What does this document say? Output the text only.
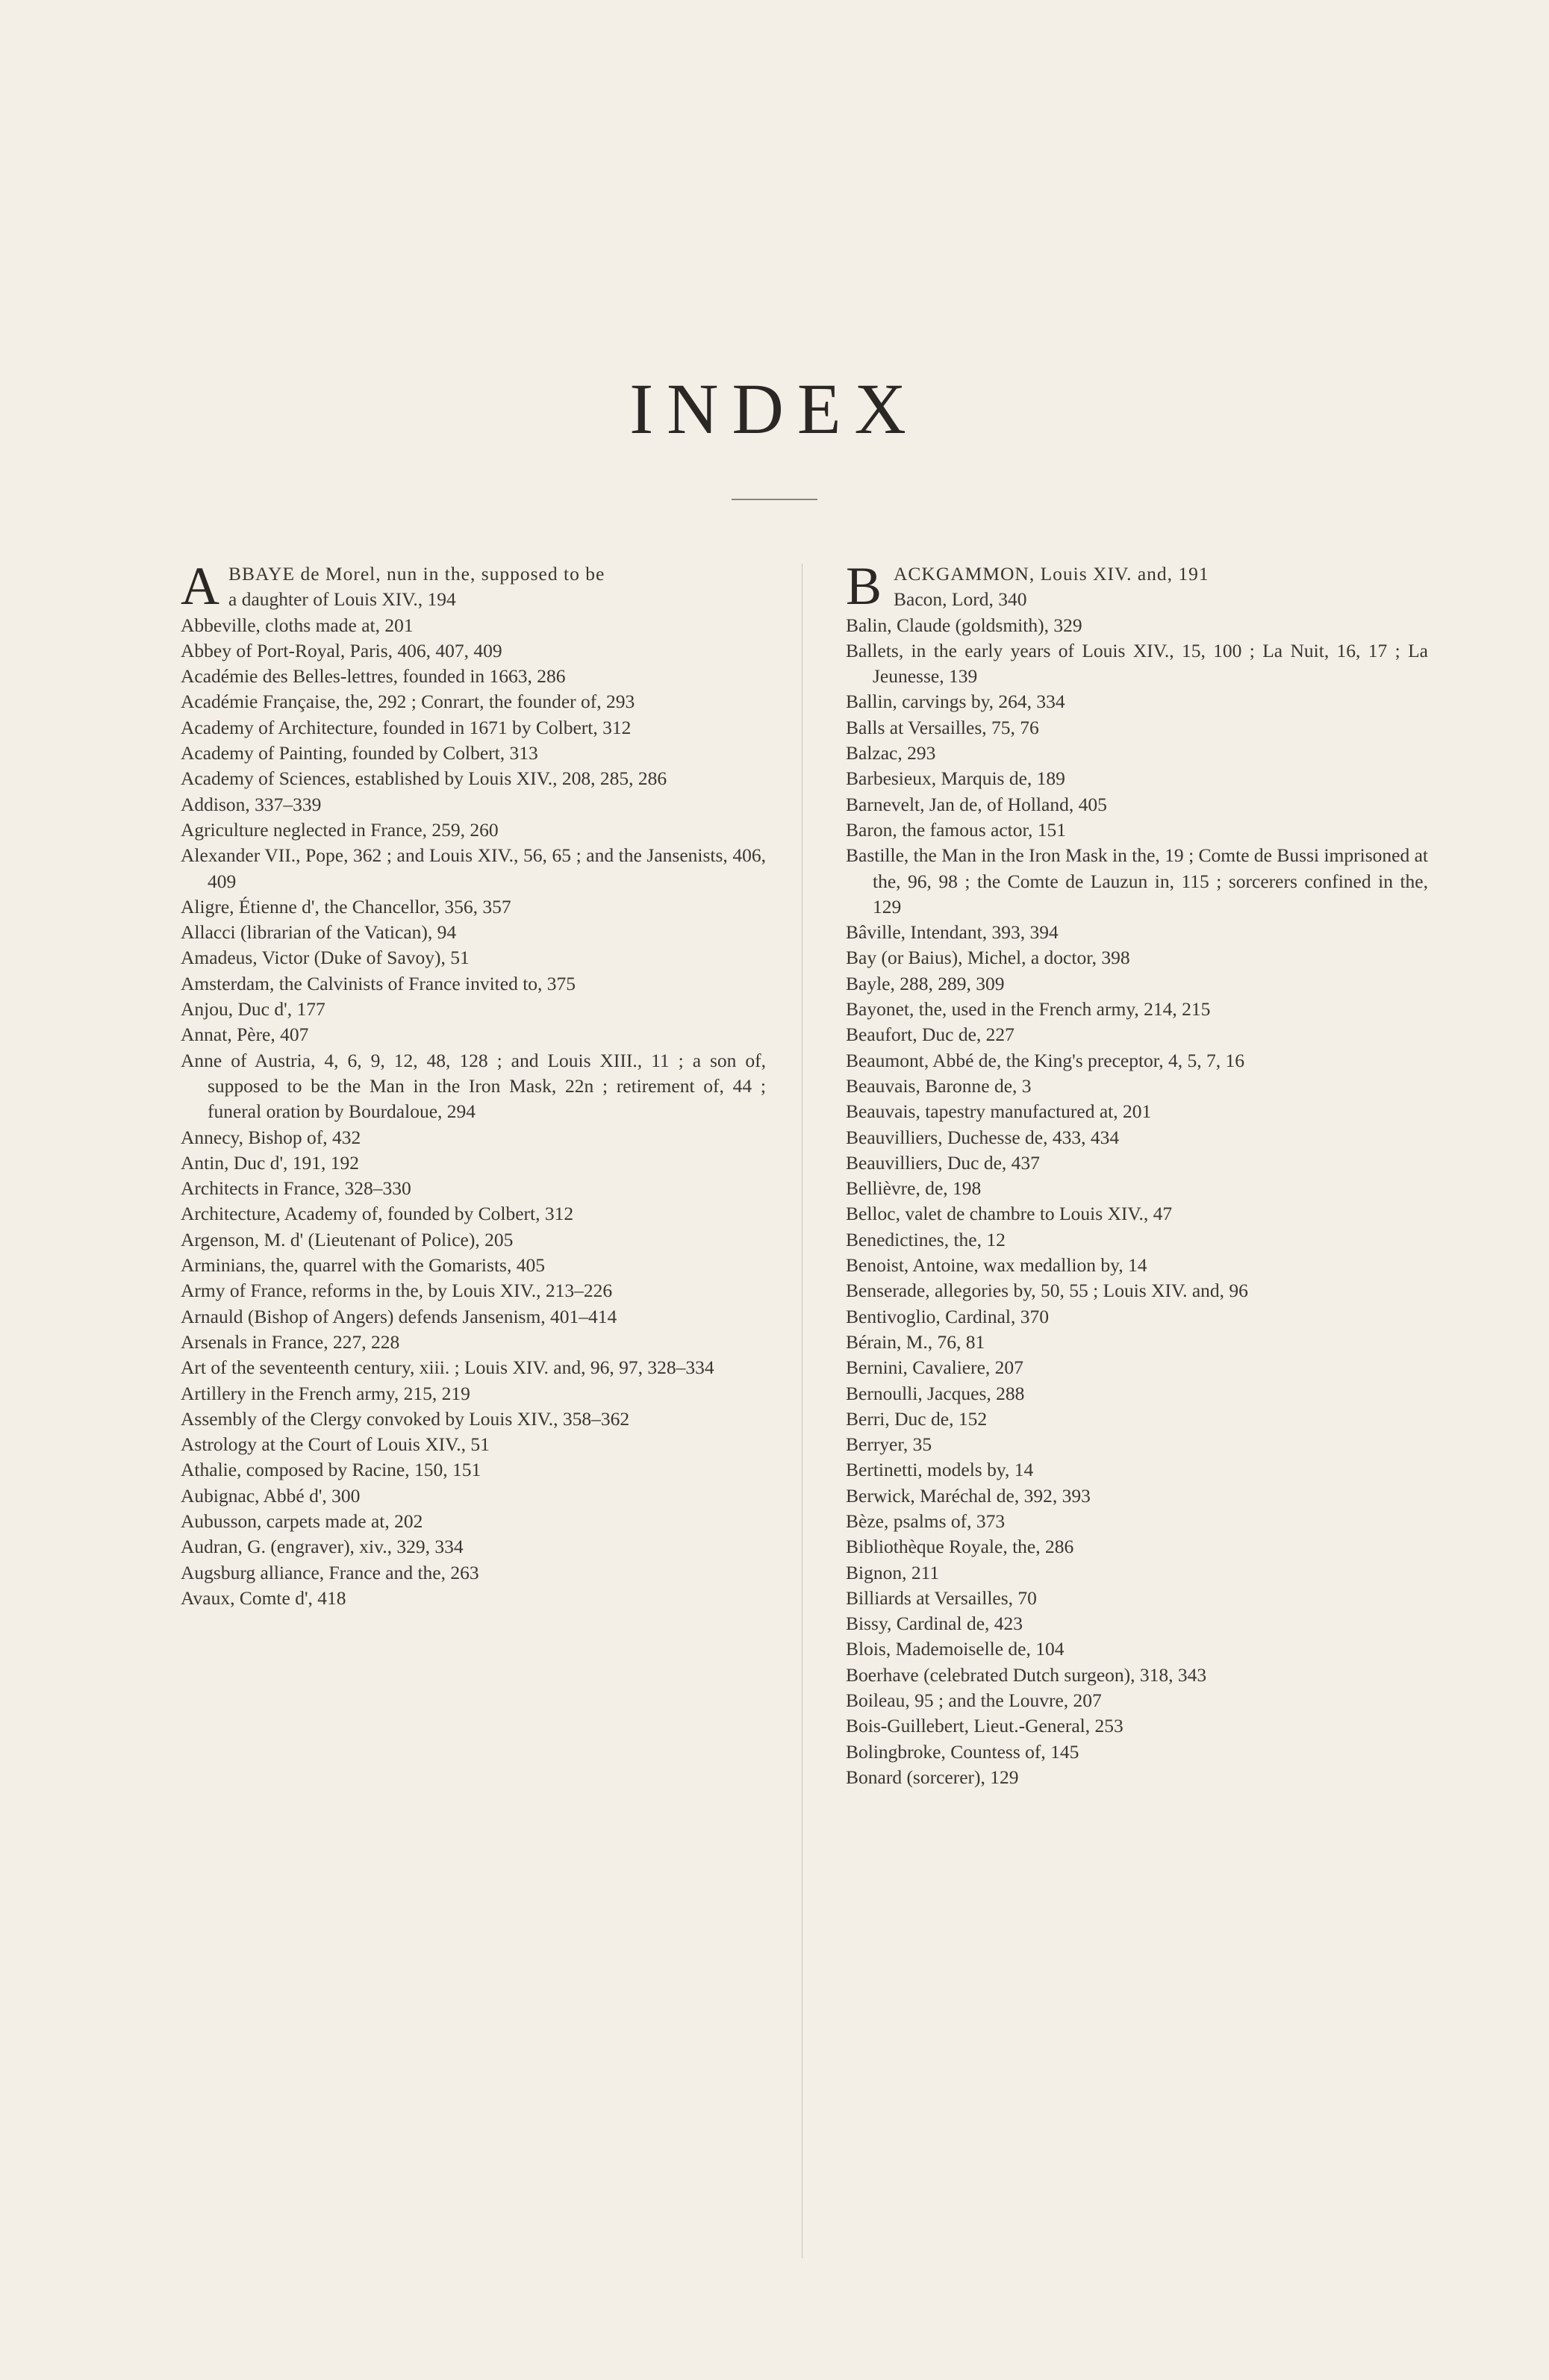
INDEX

A BBAYE de Morel, nun in the, supposed to be
a daughter of Louis XIV., 194

Abbeville, cloths made at, 201

Abbey of Port-Royal, Paris, 406, 407, 409

Académie des Belles-lettres, founded in 1663, 286

Académie Française, the, 292 ; Conrart, the founder of, 293

Academy of Architecture, founded in 1671 by Colbert, 312

Academy of Painting, founded by Colbert, 313

Academy of Sciences, established by Louis XIV., 208, 285, 286

Addison, 337–339

Agriculture neglected in France, 259, 260

Alexander VII., Pope, 362 ; and Louis XIV., 56, 65 ; and the Jansenists, 406, 409

Aligre, Étienne d', the Chancellor, 356, 357

Allacci (librarian of the Vatican), 94

Amadeus, Victor (Duke of Savoy), 51

Amsterdam, the Calvinists of France invited to, 375

Anjou, Duc d', 177

Annat, Père, 407

Anne of Austria, 4, 6, 9, 12, 48, 128 ; and Louis XIII., 11 ; a son of, supposed to be the Man in the Iron Mask, 22n ; retirement of, 44 ; funeral oration by Bourdaloue, 294

Annecy, Bishop of, 432

Antin, Duc d', 191, 192

Architects in France, 328–330

Architecture, Academy of, founded by Colbert, 312

Argenson, M. d' (Lieutenant of Police), 205

Arminians, the, quarrel with the Gomarists, 405

Army of France, reforms in the, by Louis XIV., 213–226

Arnauld (Bishop of Angers) defends Jansenism, 401–414

Arsenals in France, 227, 228

Art of the seventeenth century, xiii. ; Louis XIV. and, 96, 97, 328–334

Artillery in the French army, 215, 219

Assembly of the Clergy convoked by Louis XIV., 358–362

Astrology at the Court of Louis XIV., 51

Athalie, composed by Racine, 150, 151

Aubignac, Abbé d', 300

Aubusson, carpets made at, 202

Audran, G. (engraver), xiv., 329, 334

Augsburg alliance, France and the, 263

Avaux, Comte d', 418

B ACKGAMMON, Louis XIV. and, 191
Bacon, Lord, 340

Balin, Claude (goldsmith), 329

Ballets, in the early years of Louis XIV., 15, 100 ; La Nuit, 16, 17 ; La Jeunesse, 139

Ballin, carvings by, 264, 334

Balls at Versailles, 75, 76

Balzac, 293

Barbesieux, Marquis de, 189

Barnevelt, Jan de, of Holland, 405

Baron, the famous actor, 151

Bastille, the Man in the Iron Mask in the, 19 ; Comte de Bussi imprisoned at the, 96, 98 ; the Comte de Lauzun in, 115 ; sorcerers confined in the, 129

Bâville, Intendant, 393, 394

Bay (or Baius), Michel, a doctor, 398

Bayle, 288, 289, 309

Bayonet, the, used in the French army, 214, 215

Beaufort, Duc de, 227

Beaumont, Abbé de, the King's preceptor, 4, 5, 7, 16

Beauvais, Baronne de, 3

Beauvais, tapestry manufactured at, 201

Beauvilliers, Duchesse de, 433, 434

Beauvilliers, Duc de, 437

Bellièvre, de, 198

Belloc, valet de chambre to Louis XIV., 47

Benedictines, the, 12

Benoist, Antoine, wax medallion by, 14

Benserade, allegories by, 50, 55 ; Louis XIV. and, 96

Bentivoglio, Cardinal, 370

Bérain, M., 76, 81

Bernini, Cavaliere, 207

Bernoulli, Jacques, 288

Berri, Duc de, 152

Berryer, 35

Bertinetti, models by, 14

Berwick, Maréchal de, 392, 393

Bèze, psalms of, 373

Bibliothèque Royale, the, 286

Bignon, 211

Billiards at Versailles, 70

Bissy, Cardinal de, 423

Blois, Mademoiselle de, 104

Boerhave (celebrated Dutch surgeon), 318, 343

Boileau, 95 ; and the Louvre, 207

Bois-Guillebert, Lieut.-General, 253

Bolingbroke, Countess of, 145

Bonard (sorcerer), 129
